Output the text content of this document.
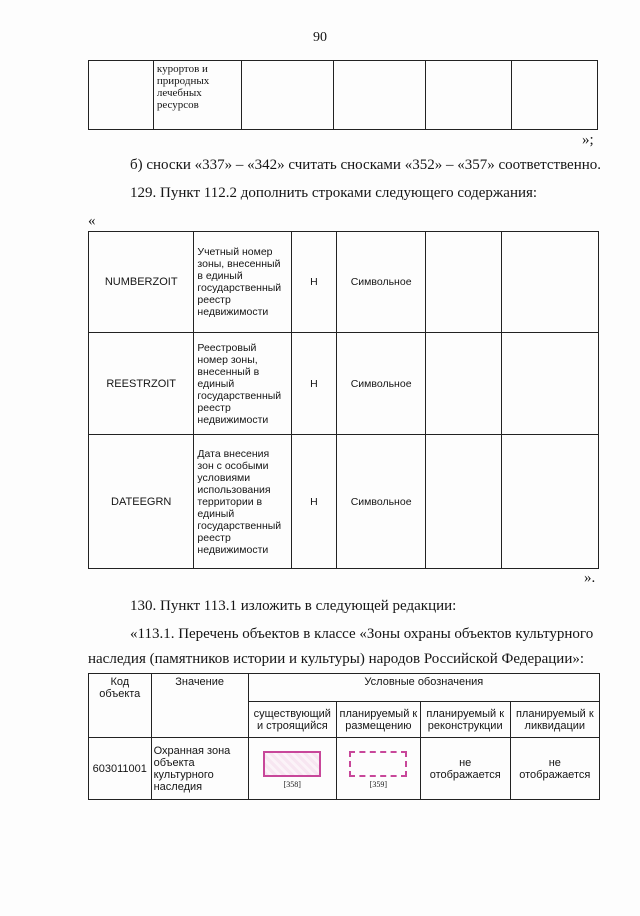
90
	курортов и природных лечебных ресурсов				
»;
б) сноски «337» – «342» считать сносками «352» – «357» соответственно.
129. Пункт 112.2 дополнить строками следующего содержания:
«
NUMBERZOIT	Учетный номер зоны, внесенный в единый государственный реестр недвижимости	Н	Символьное		
REESTRZOIT	Реестровый номер зоны, внесенный в единый государственный реестр недвижимости	Н	Символьное		
DATEEGRN	Дата внесения зон с особыми условиями использования территории в единый государственный реестр недвижимости	Н	Символьное		
».
130. Пункт 113.1 изложить в следующей редакции:
«113.1. Перечень объектов в классе «Зоны охраны объектов культурного
наследия (памятников истории и культуры) народов Российской Федерации»:
Код объекта	Значение	Условные обозначения			
		существующий и строящийся	планируемый к размещению	планируемый к реконструкции	планируемый к ликвидации
603011001	Охранная зона объекта культурного наследия	[358]	[359]	не отображается	не отображается
